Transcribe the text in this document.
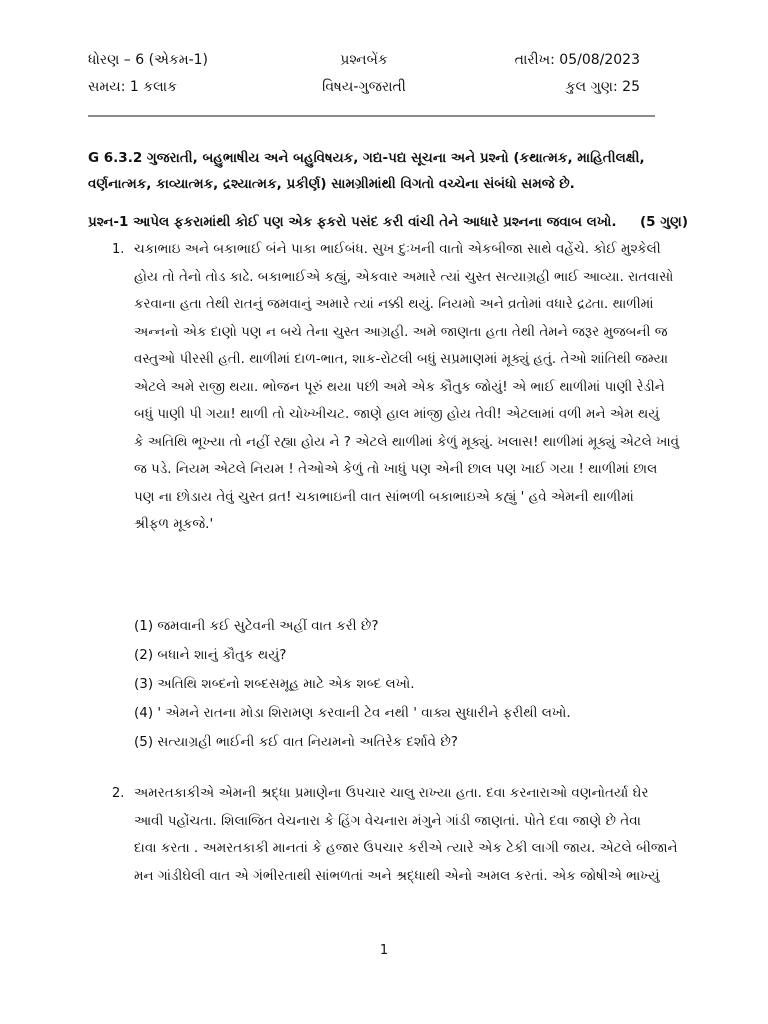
ધોરણ – 6 (એકમ-1)	પ્રશ્નબેંક	તારીખ: 05/08/2023
સમય: 1 કલાક	વિષય-ગુજરાતી	કુલ ગુણ: 25
G 6.3.2 ગુજરાતી, બહુભાષીય અને બહુવિષયક, ગદ્ય-પદ્ય સૂચના અને પ્રશ્નો (કથાત્મક, માહિતીલક્ષી, વર્ણનાત્મક, કાવ્યાત્મક, દ્રશ્યાત્મક, પ્રકીર્ણ) સામગ્રીમાંથી વિગતો વચ્ચેના સંબંધો સમજે છે.
પ્રશ્ન-1 આપેલ ફકરામાંથી કોઈ પણ એક ફકરો પસંદ કરી વાંચી તેને આધારે પ્રશ્નના જવાબ લખો. (5 ગુણ)
1. ચકાભાઇ અને બકાભાઈ બંને પાકા ભાઈબંધ. સુખ દુઃખની વાતો એકબીજા સાથે વહેંચે. કોઈ મુશ્કેલી
હોય તો તેનો તોડ કાઢે. બકાભાઈએ કહ્યું, એકવાર અમારે ત્યાં ચુસ્ત સત્યાગ્રહી ભાઈ આવ્યા. રાતવાસો
કરવાના હતા તેથી રાતનું જમવાનું અમારે ત્યાં નક્કી થયું. નિયમો અને વ્રતોમાં વધારે દ્રઢતા. થાળીમાં
અન્નનો એક દાણો પણ ન બચે તેના ચુસ્ત આગ્રહી. અમે જાણતા હતા તેથી તેમને જરૂર મુજબની જ
વસ્તુઓ પીરસી હતી. થાળીમાં દાળ-ભાત, શાક-રોટલી બધું સપ્રમાણમાં મૂક્યું હતું. તેઓ શાંતિથી જમ્યા
એટલે અમે રાજી થયા. ભોજન પૂરું થયા પછી અમે એક કૌતુક જોયું! એ ભાઈ થાળીમાં પાણી રેડીને
બધું પાણી પી ગયા! થાળી તો ચોખ્ખીચટ. જાણે હાલ માંજી હોય તેવી! એટલામાં વળી મને એમ થયું
કે અતિથિ ભૂખ્યા તો નહીં રહ્યા હોય ને ? એટલે થાળીમાં કેળું મૂક્યું. ખલાસ! થાળીમાં મૂક્યું એટલે ખાવું
જ પડે. નિયમ એટલે નિયમ ! તેઓએ કેળું તો ખાધું પણ એની છાલ પણ ખાઈ ગયા ! થાળીમાં છાલ
પણ ના છોડાય તેવું ચુસ્ત વ્રત! ચકાભાઇની વાત સાંભળી બકાભાઇએ કહ્યું ' હવે એમની થાળીમાં
શ્રીફળ મૂકજે.'
(1) જમવાની કઈ સુટેવની અહીં વાત કરી છે?
(2) બધાને શાનું કૌતુક થયું?
(3) અતિથિ શબ્દનો શબ્દસમૂહ માટે એક શબ્દ લખો.
(4) ' એમને રાતના મોડા શિરામણ કરવાની ટેવ નથી ' વાક્ય સુધારીને ફરીથી લખો.
(5) સત્યાગ્રહી ભાઈની કઈ વાત નિયમનો અતિરેક દર્શાવે છે?
2. અમરતકાકીએ એમની શ્રદ્ધા પ્રમાણેના ઉપચાર ચાલુ રાખ્યા હતા. દવા કરનારાઓ વણનોતર્યા ઘેર
આવી પહોંચતા. શિલાજિત વેચનારા કે હિંગ વેચનારા મંગુને ગાંડી જાણતાં. પોતે દવા જાણે છે તેવા
દાવા કરતા . અમરતકાકી માનતાં કે હજાર ઉપચાર કરીએ ત્યારે એક ટેકી લાગી જાય. એટલે બીજાને
મન ગાંડીઘેલી વાત એ ગંભીરતાથી સાંભળતાં અને શ્રદ્ધાથી એનો અમલ કરતાં. એક જોષીએ ભાખ્યું
1
